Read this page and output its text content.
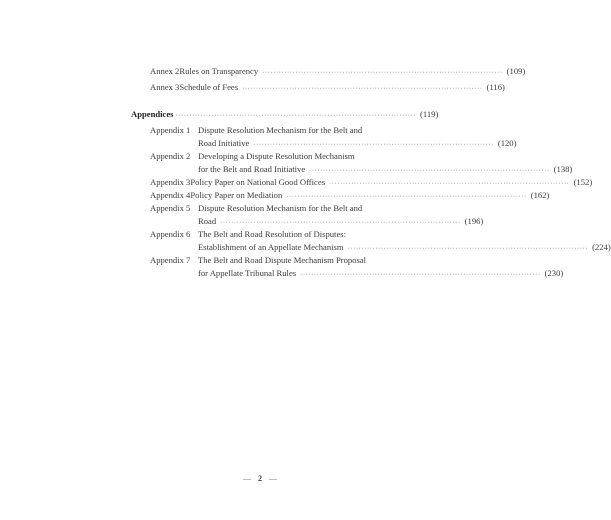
Annex 2 Rules on Transparency ······················································································· (109)
Annex 3 Schedule of Fees ······················································································· (116)
Appendices ······················································································· (119)
Appendix 1 Dispute Resolution Mechanism for the Belt and
Road Initiative ······················································································· (120)
Appendix 2 Developing a Dispute Resolution Mechanism
for the Belt and Road Initiative ······················································································· (138)
Appendix 3 Policy Paper on National Good Offices ······················································································· (152)
Appendix 4 Policy Paper on Mediation ······················································································· (162)
Appendix 5 Dispute Resolution Mechanism for the Belt and
Road ······················································································· (196)
Appendix 6 The Belt and Road Resolution of Disputes:
Establishment of an Appellate Mechanism ······················································································· (224)
Appendix 7 The Belt and Road Dispute Mechanism Proposal
for Appellate Tribunal Rules ······················································································· (230)
— 2 —
